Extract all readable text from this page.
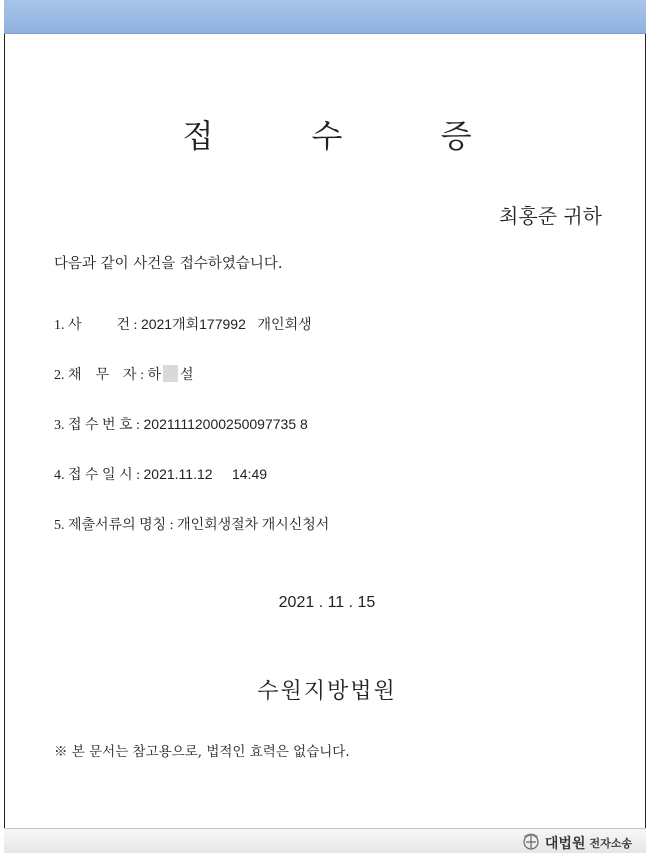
접 수 증
최홍준 귀하
다음과 같이 사건을 접수하였습니다.
1. 사          건 : 2021개회177992   개인회생
2. 채    무    자 : 하 설
3. 접 수 번 호 : 20211112000250097735 8
4. 접 수 일 시 : 2021.11.12     14:49
5. 제출서류의 명칭 : 개인회생절차 개시신청서
2021 . 11 . 15
수원지방법원
※ 본 문서는 참고용으로, 법적인 효력은 없습니다.
대법원 전자소송
